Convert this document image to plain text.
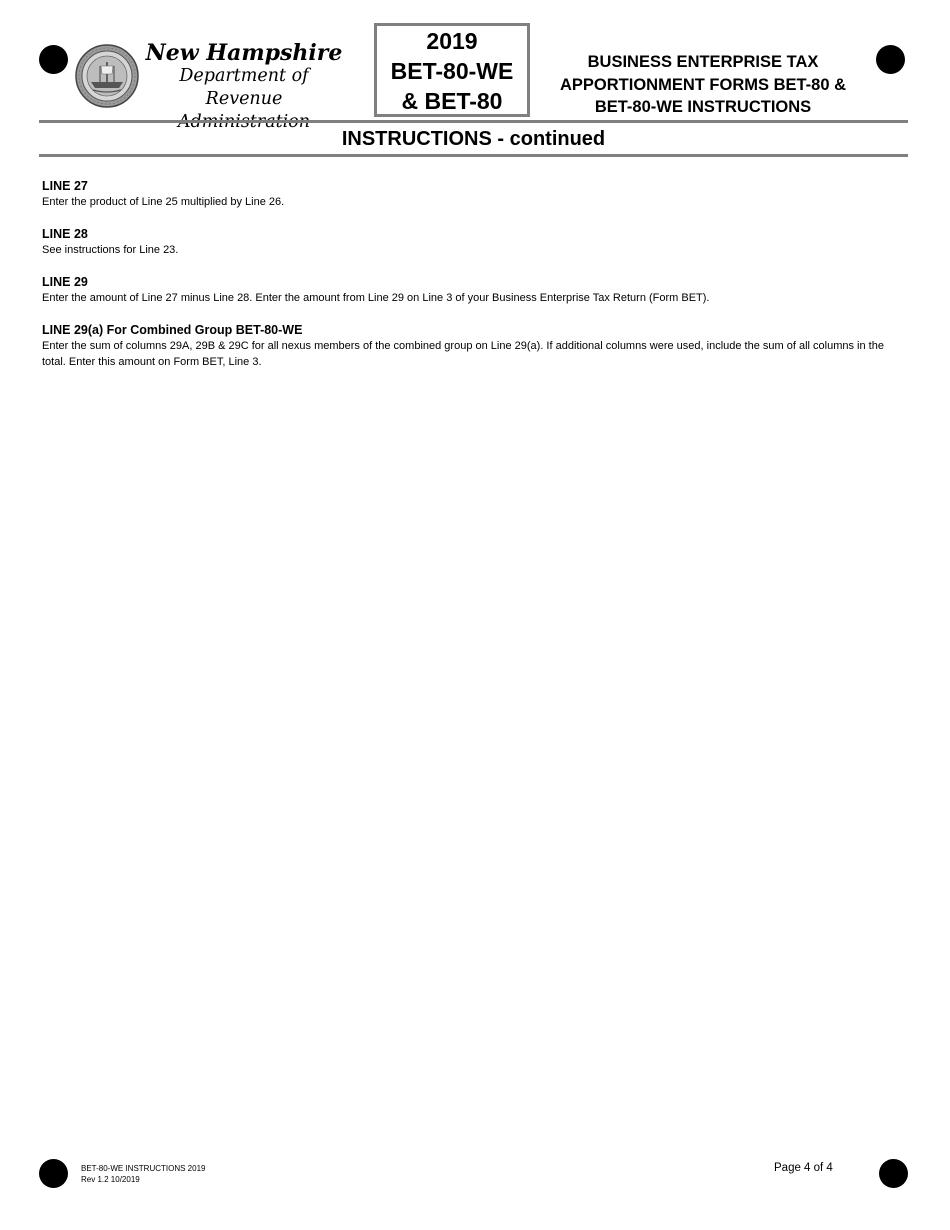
New Hampshire
Department of
Revenue
2019
BET-80-WE
& BET-80
BUSINESS ENTERPRISE TAX
APPORTIONMENT FORMS BET-80 &
BET-80-WE INSTRUCTIONS
INSTRUCTIONS - continued
LINE 27

Enter the product of Line 25 multiplied by Line 26.

LINE 28

See instructions for Line 23.

LINE 29

Enter the amount of Line 27 minus Line 28. Enter the amount from Line 29 on Line 3 of your Business Enterprise Tax Return (Form BET).

LINE 29(a) For Combined Group BET-80-WE

Enter the sum of columns 29A, 29B & 29C for all nexus members of the combined group on Line 29(a). If additional columns were used, include the sum of all columns in the total. Enter this amount on Form BET, Line 3.

BET-80-WE INSTRUCTIONS 2019
Rev 1.2 10/2019
Page 4 of 4
